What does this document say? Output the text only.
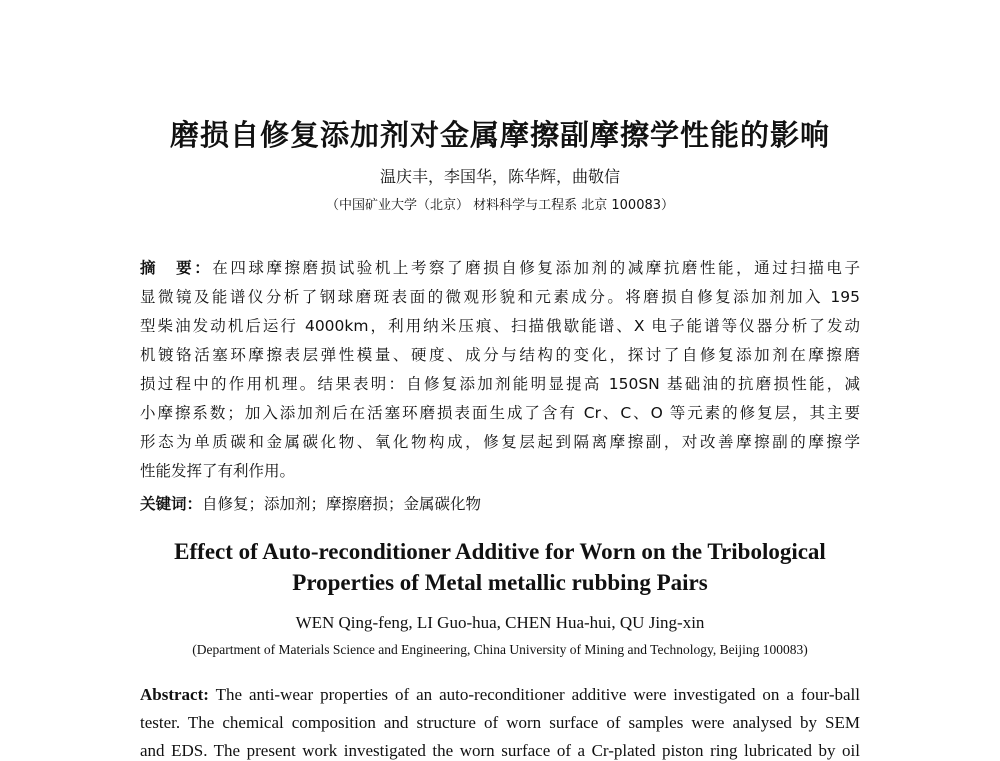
磨损自修复添加剂对金属摩擦副摩擦学性能的影响
温庆丰，李国华，陈华辉，曲敬信
（中国矿业大学（北京） 材料科学与工程系 北京 100083）
摘　要：在四球摩擦磨损试验机上考察了磨损自修复添加剂的减摩抗磨性能，通过扫描电子
显微镜及能谱仪分析了钢球磨斑表面的微观形貌和元素成分。将磨损自修复添加剂加入 195
型柴油发动机后运行 4000km，利用纳米压痕、扫描俄歇能谱、X 电子能谱等仪器分析了发动
机镀铬活塞环摩擦表层弹性模量、硬度、成分与结构的变化，探讨了自修复添加剂在摩擦磨
损过程中的作用机理。结果表明：自修复添加剂能明显提高 150SN 基础油的抗磨损性能，减
小摩擦系数；加入添加剂后在活塞环磨损表面生成了含有 Cr、C、O 等元素的修复层，其主要
形态为单质碳和金属碳化物、氧化物构成，修复层起到隔离摩擦副，对改善摩擦副的摩擦学
性能发挥了有利作用。
关键词：自修复；添加剂；摩擦磨损；金属碳化物
Effect of Auto-reconditioner Additive for Worn on the Tribological
Properties of Metal metallic rubbing Pairs
WEN Qing-feng, LI Guo-hua, CHEN Hua-hui, QU Jing-xin
(Department of Materials Science and Engineering, China University of Mining and Technology, Beijing 100083)
Abstract: The anti-wear properties of an auto-reconditioner additive were investigated on a four-ball
tester. The chemical composition and structure of worn surface of samples were analysed by SEM
and EDS. The present work investigated the worn surface of a Cr-plated piston ring lubricated by oil
